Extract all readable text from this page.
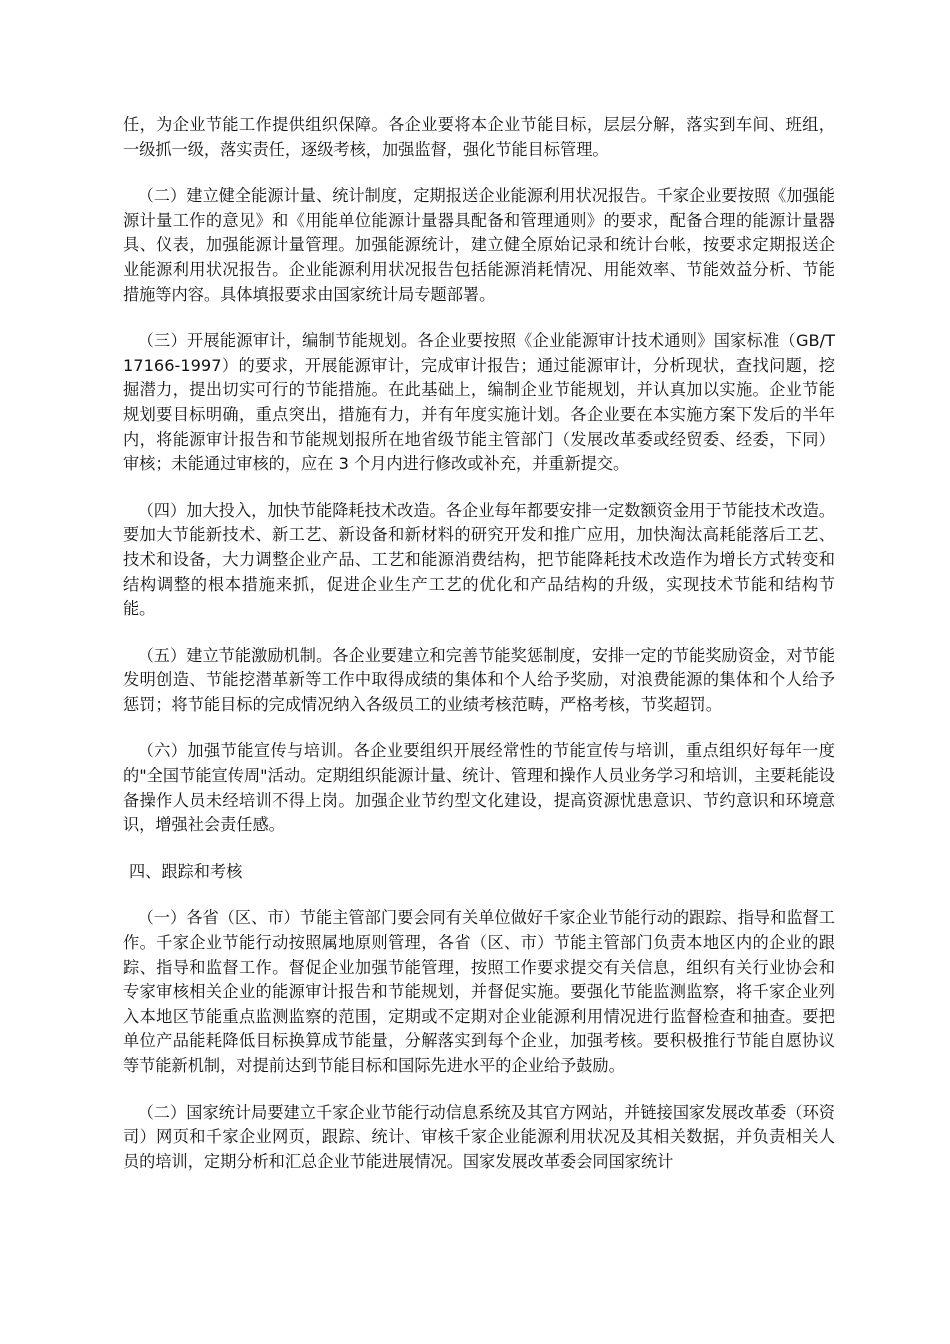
任，为企业节能工作提供组织保障。各企业要将本企业节能目标，层层分解，落实到车间、班组，一级抓一级，落实责任，逐级考核，加强监督，强化节能目标管理。

（二）建立健全能源计量、统计制度，定期报送企业能源利用状况报告。千家企业要按照《加强能源计量工作的意见》和《用能单位能源计量器具配备和管理通则》的要求，配备合理的能源计量器具、仪表，加强能源计量管理。加强能源统计，建立健全原始记录和统计台帐，按要求定期报送企业能源利用状况报告。企业能源利用状况报告包括能源消耗情况、用能效率、节能效益分析、节能措施等内容。具体填报要求由国家统计局专题部署。

（三）开展能源审计，编制节能规划。各企业要按照《企业能源审计技术通则》国家标准（GB/T 17166-1997）的要求，开展能源审计，完成审计报告；通过能源审计，分析现状，查找问题，挖掘潜力，提出切实可行的节能措施。在此基础上，编制企业节能规划，并认真加以实施。企业节能规划要目标明确，重点突出，措施有力，并有年度实施计划。各企业要在本实施方案下发后的半年内，将能源审计报告和节能规划报所在地省级节能主管部门（发展改革委或经贸委、经委，下同）审核；未能通过审核的，应在 3 个月内进行修改或补充，并重新提交。

（四）加大投入，加快节能降耗技术改造。各企业每年都要安排一定数额资金用于节能技术改造。要加大节能新技术、新工艺、新设备和新材料的研究开发和推广应用，加快淘汰高耗能落后工艺、技术和设备，大力调整企业产品、工艺和能源消费结构，把节能降耗技术改造作为增长方式转变和结构调整的根本措施来抓，促进企业生产工艺的优化和产品结构的升级，实现技术节能和结构节能。

（五）建立节能激励机制。各企业要建立和完善节能奖惩制度，安排一定的节能奖励资金，对节能发明创造、节能挖潜革新等工作中取得成绩的集体和个人给予奖励，对浪费能源的集体和个人给予惩罚；将节能目标的完成情况纳入各级员工的业绩考核范畴，严格考核，节奖超罚。

（六）加强节能宣传与培训。各企业要组织开展经常性的节能宣传与培训，重点组织好每年一度的"全国节能宣传周"活动。定期组织能源计量、统计、管理和操作人员业务学习和培训，主要耗能设备操作人员未经培训不得上岗。加强企业节约型文化建设，提高资源忧患意识、节约意识和环境意识，增强社会责任感。

四、跟踪和考核

（一）各省（区、市）节能主管部门要会同有关单位做好千家企业节能行动的跟踪、指导和监督工作。千家企业节能行动按照属地原则管理，各省（区、市）节能主管部门负责本地区内的企业的跟踪、指导和监督工作。督促企业加强节能管理，按照工作要求提交有关信息，组织有关行业协会和专家审核相关企业的能源审计报告和节能规划，并督促实施。要强化节能监测监察，将千家企业列入本地区节能重点监测监察的范围，定期或不定期对企业能源利用情况进行监督检查和抽查。要把单位产品能耗降低目标换算成节能量，分解落实到每个企业，加强考核。要积极推行节能自愿协议等节能新机制，对提前达到节能目标和国际先进水平的企业给予鼓励。

（二）国家统计局要建立千家企业节能行动信息系统及其官方网站，并链接国家发展改革委（环资司）网页和千家企业网页，跟踪、统计、审核千家企业能源利用状况及其相关数据，并负责相关人员的培训，定期分析和汇总企业节能进展情况。国家发展改革委会同国家统计
